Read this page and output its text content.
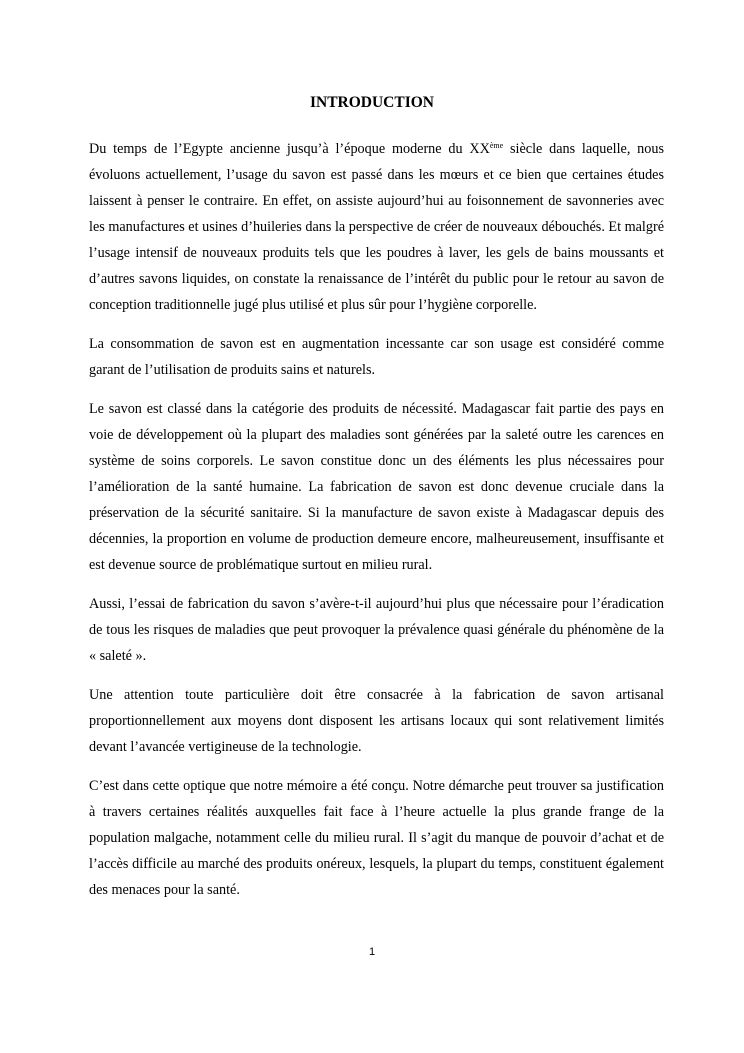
INTRODUCTION

Du temps de l’Egypte ancienne jusqu’à l’époque moderne du XXème siècle dans laquelle, nous évoluons actuellement, l’usage du savon est passé dans les mœurs et ce bien que certaines études laissent à penser le contraire. En effet, on assiste aujourd’hui au foisonnement de savonneries avec les manufactures et usines d’huileries dans la perspective de créer de nouveaux débouchés. Et malgré l’usage intensif de nouveaux produits tels que les poudres à laver, les gels de bains moussants et d’autres savons liquides, on constate la renaissance de l’intérêt du public pour le retour au savon de conception traditionnelle jugé plus utilisé et plus sûr pour l’hygiène corporelle.

La consommation de savon est en augmentation incessante car son usage est considéré comme garant de l’utilisation de produits sains et naturels.

Le savon est classé dans la catégorie des produits de nécessité. Madagascar fait partie des pays en voie de développement où la plupart des maladies sont générées par la saleté outre les carences en système de soins corporels. Le savon constitue donc un des éléments les plus nécessaires pour l’amélioration de la santé humaine. La fabrication de savon est donc devenue cruciale dans la préservation de la sécurité sanitaire. Si la manufacture de savon existe à Madagascar depuis des décennies, la proportion en volume de production demeure encore, malheureusement, insuffisante et est devenue source de problématique surtout en milieu rural.

Aussi, l’essai de fabrication du savon s’avère-t-il aujourd’hui plus que nécessaire pour l’éradication de tous les risques de maladies que peut provoquer la prévalence quasi générale du phénomène de la « saleté ».

Une attention toute particulière doit être consacrée à la fabrication de savon artisanal proportionnellement aux moyens dont disposent les artisans locaux qui sont relativement limités devant l’avancée vertigineuse de la technologie.

C’est dans cette optique que notre mémoire a été conçu. Notre démarche peut trouver sa justification à travers certaines réalités auxquelles fait face à l’heure actuelle la plus grande frange de la population malgache, notamment celle du milieu rural. Il s’agit du manque de pouvoir d’achat et de l’accès difficile au marché des produits onéreux, lesquels, la plupart du temps, constituent également des menaces pour la santé.

1
